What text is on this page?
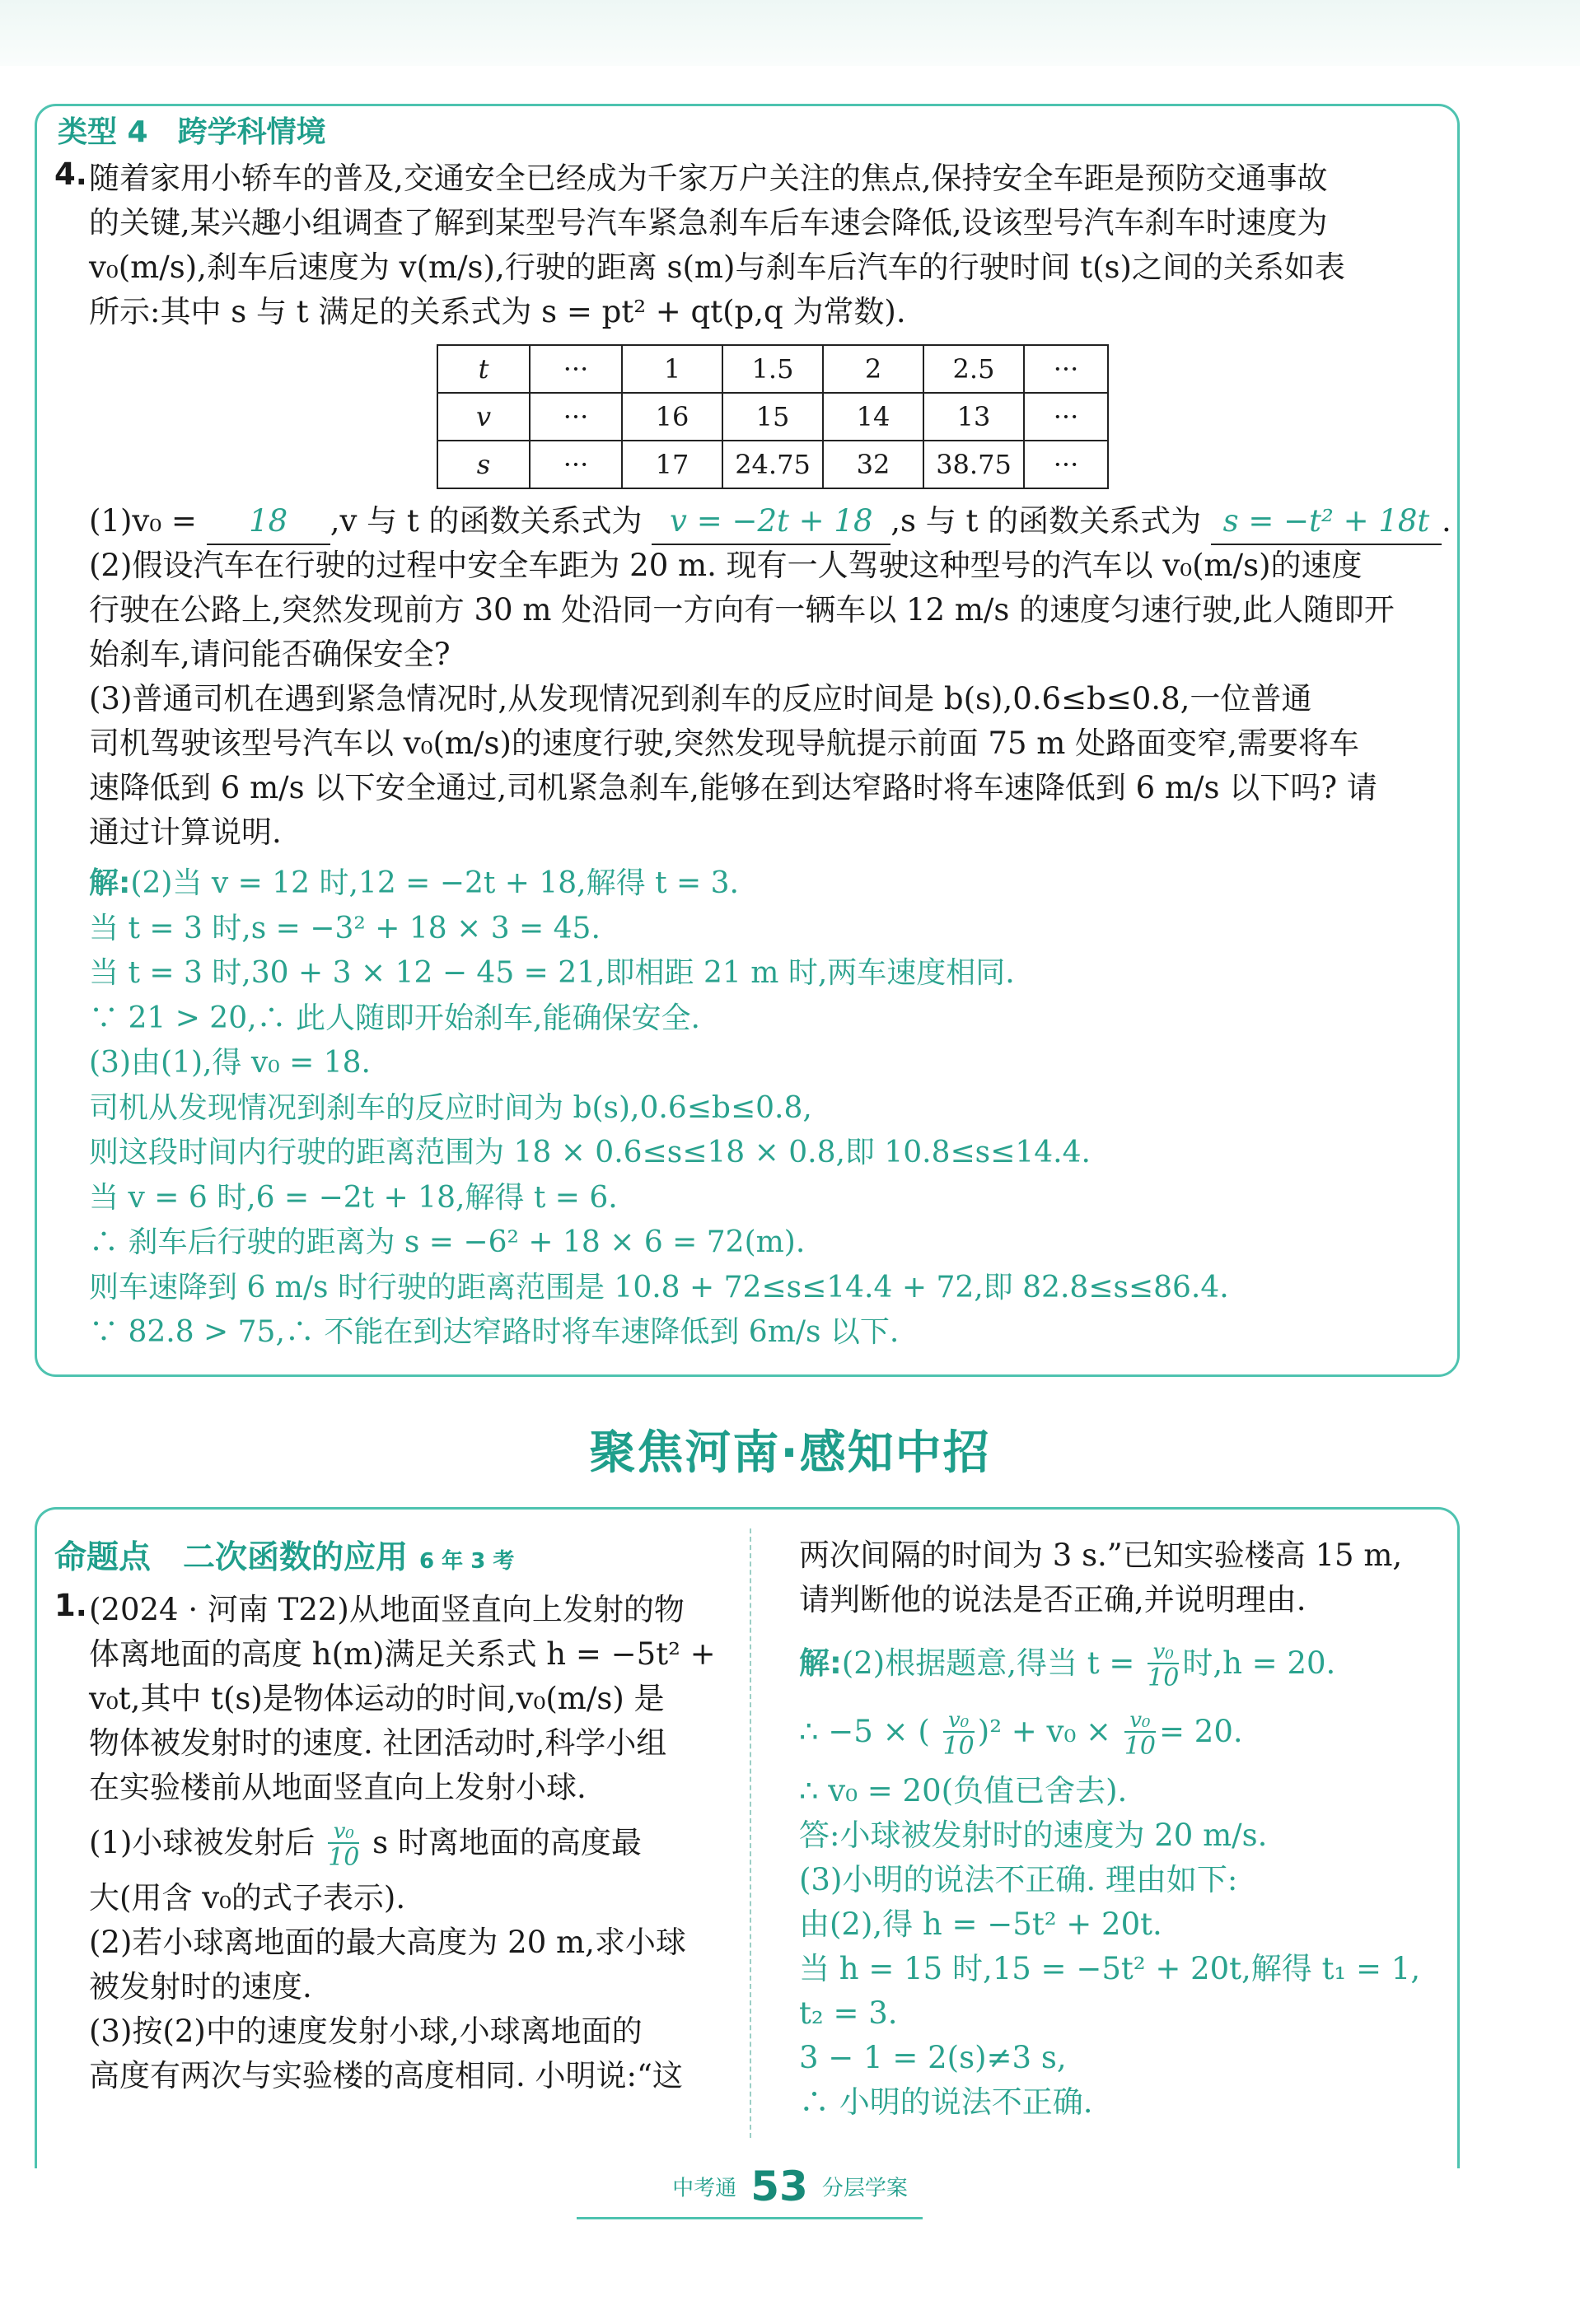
类型 4　跨学科情境
4. 随着家用小轿车的普及,交通安全已经成为千家万户关注的焦点,保持安全车距是预防交通事故
的关键,某兴趣小组调查了解到某型号汽车紧急刹车后车速会降低,设该型号汽车刹车时速度为
v₀(m/s),刹车后速度为 v(m/s),行驶的距离 s(m)与刹车后汽车的行驶时间 t(s)之间的关系如表
所示:其中 s 与 t 满足的关系式为 s = pt² + qt(p,q 为常数).
t	···	1	1.5	2	2.5	···
v	···	16	15	14	13	···
s	···	17	24.75	32	38.75	···
(1)v₀ = 18 ,v 与 t 的函数关系式为 v = −2t + 18 ,s 与 t 的函数关系式为 s = −t² + 18t .
(2)假设汽车在行驶的过程中安全车距为 20 m. 现有一人驾驶这种型号的汽车以 v₀(m/s)的速度
行驶在公路上,突然发现前方 30 m 处沿同一方向有一辆车以 12 m/s 的速度匀速行驶,此人随即开
始刹车,请问能否确保安全?
(3)普通司机在遇到紧急情况时,从发现情况到刹车的反应时间是 b(s),0.6≤b≤0.8,一位普通
司机驾驶该型号汽车以 v₀(m/s)的速度行驶,突然发现导航提示前面 75 m 处路面变窄,需要将车
速降低到 6 m/s 以下安全通过,司机紧急刹车,能够在到达窄路时将车速降低到 6 m/s 以下吗? 请
通过计算说明.
解:(2)当 v = 12 时,12 = −2t + 18,解得 t = 3.
当 t = 3 时,s = −3² + 18 × 3 = 45.
当 t = 3 时,30 + 3 × 12 − 45 = 21,即相距 21 m 时,两车速度相同.
∵ 21 > 20,∴ 此人随即开始刹车,能确保安全.
(3)由(1),得 v₀ = 18.
司机从发现情况到刹车的反应时间为 b(s),0.6≤b≤0.8,
则这段时间内行驶的距离范围为 18 × 0.6≤s≤18 × 0.8,即 10.8≤s≤14.4.
当 v = 6 时,6 = −2t + 18,解得 t = 6.
∴ 刹车后行驶的距离为 s = −6² + 18 × 6 = 72(m).
则车速降到 6 m/s 时行驶的距离范围是 10.8 + 72≤s≤14.4 + 72,即 82.8≤s≤86.4.
∵ 82.8 > 75,∴ 不能在到达窄路时将车速降低到 6m/s 以下.
聚焦河南·感知中招
命题点　二次函数的应用 6 年 3 考
1. (2024 · 河南 T22)从地面竖直向上发射的物
体离地面的高度 h(m)满足关系式 h = −5t² +
v₀t,其中 t(s)是物体运动的时间,v₀(m/s) 是
物体被发射时的速度. 社团活动时,科学小组
在实验楼前从地面竖直向上发射小球.
(1)小球被发射后 $\frac{\text{v₀}}{10}$ s 时离地面的高度最
大(用含 v₀的式子表示).
(2)若小球离地面的最大高度为 20 m,求小球
被发射时的速度.
(3)按(2)中的速度发射小球,小球离地面的
高度有两次与实验楼的高度相同. 小明说:“这
两次间隔的时间为 3 s.”已知实验楼高 15 m,
请判断他的说法是否正确,并说明理由.
解:(2)根据题意,得当 $t = \frac{\text{v₀}}{10}$ 时,h = 20.
∴ −5 × ( $\frac{\text{v₀}}{10} )^2 + v_0 \times \frac{\text{v₀}}{10} = 20$.
∴ v₀ = 20(负值已舍去).
答:小球被发射时的速度为 20 m/s.
(3)小明的说法不正确. 理由如下:
由(2),得 h = −5t² + 20t.
当 h = 15 时,15 = −5t² + 20t,解得 t₁ = 1,
t₂ = 3.
3 − 1 = 2(s)≠3 s,
∴ 小明的说法不正确.
中考通 53 分层学案
